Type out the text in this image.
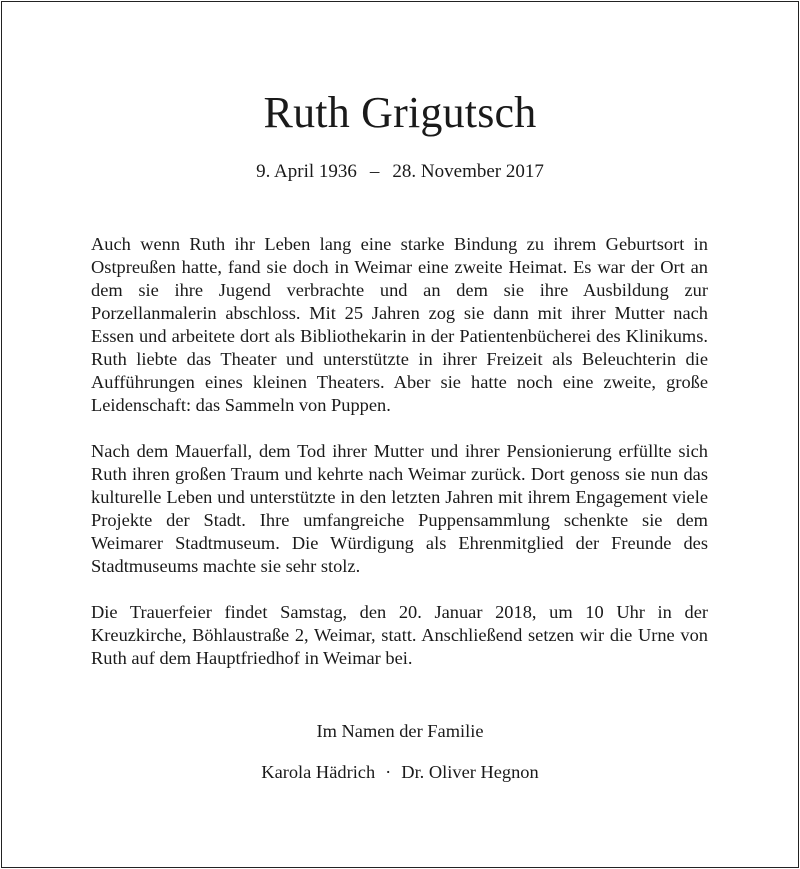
Ruth Grigutsch
9. April 1936 – 28. November 2017

Auch wenn Ruth ihr Leben lang eine starke Bindung zu ihrem Geburtsort in Ostpreußen hatte, fand sie doch in Weimar eine zweite Heimat. Es war der Ort an dem sie ihre Jugend verbrachte und an dem sie ihre Ausbildung zur Porzellanmalerin abschloss. Mit 25 Jahren zog sie dann mit ihrer Mutter nach Essen und arbeitete dort als Bibliothekarin in der Patientenbücherei des Klinikums. Ruth liebte das Theater und unterstützte in ihrer Freizeit als Beleuchterin die Aufführungen eines kleinen Theaters. Aber sie hatte noch eine zweite, große Leidenschaft: das Sammeln von Puppen.

Nach dem Mauerfall, dem Tod ihrer Mutter und ihrer Pensionierung erfüllte sich Ruth ihren großen Traum und kehrte nach Weimar zurück. Dort genoss sie nun das kulturelle Leben und unterstützte in den letzten Jahren mit ihrem Engagement viele Projekte der Stadt. Ihre umfangreiche Puppensammlung schenkte sie dem Weimarer Stadtmuseum. Die Würdigung als Ehrenmitglied der Freunde des Stadtmuseums machte sie sehr stolz.

Die Trauerfeier findet Samstag, den 20. Januar 2018, um 10 Uhr in der Kreuzkirche, Böhlaustraße 2, Weimar, statt. Anschließend setzen wir die Urne von Ruth auf dem Hauptfriedhof in Weimar bei.

Im Namen der Familie
Karola Hädrich · Dr. Oliver Hegnon
